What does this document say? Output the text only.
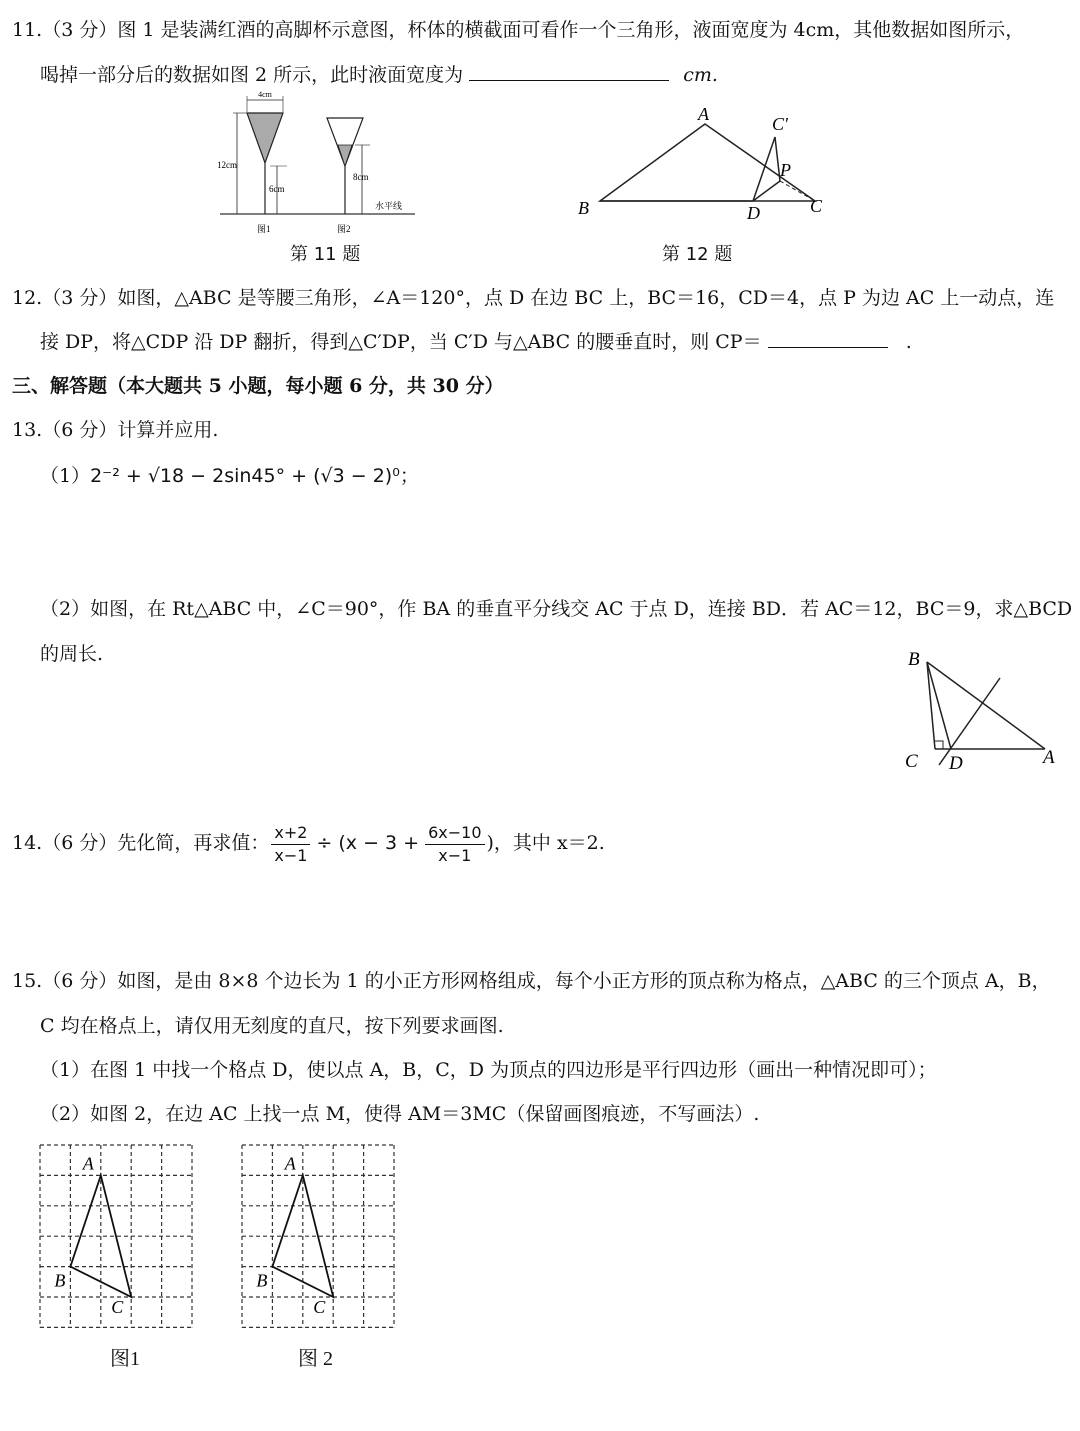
11.（3 分）图 1 是装满红酒的高脚杯示意图，杯体的横截面可看作一个三角形，液面宽度为 4cm，其他数据如图所示，
喝掉一部分后的数据如图 2 所示，此时液面宽度为	cm.
4cm
12cm
6cm
8cm
水平线
图1	图2
第 11 题
A
B	C
D
P
C′
第 12 题
12.（3 分）如图，△ABC 是等腰三角形，∠A＝120°，点 D 在边 BC 上，BC＝16，CD＝4，点 P 为边 AC 上一动点，连
接 DP，将△CDP 沿 DP 翻折，得到△C′DP，当 C′D 与△ABC 的腰垂直时，则 CP＝	.
三、解答题（本大题共 5 小题，每小题 6 分，共 30 分）
13.（6 分）计算并应用.
（1）2⁻² + √18 − 2sin45° + (√3 − 2)⁰；
（2）如图，在 Rt△ABC 中，∠C＝90°，作 BA 的垂直平分线交 AC 于点 D，连接 BD．若 AC＝12，BC＝9，求△BCD
的周长.	B
C D	A
14.（6 分）先化简，再求值： $\frac{x+2}{x-1} \div (x - 3 + \frac{6x-10}{x-1}$ )，其中 x＝2.
15.（6 分）如图，是由 8×8 个边长为 1 的小正方形网格组成，每个小正方形的顶点称为格点，△ABC 的三个顶点 A，B，
C 均在格点上，请仅用无刻度的直尺，按下列要求画图.
（1）在图 1 中找一个格点 D，使以点 A，B，C，D 为顶点的四边形是平行四边形（画出一种情况即可）；
（2）如图 2，在边 AC 上找一点 M，使得 AM＝3MC（保留画图痕迹，不写画法）.
A
B
C
A
B
C
图1	图 2
